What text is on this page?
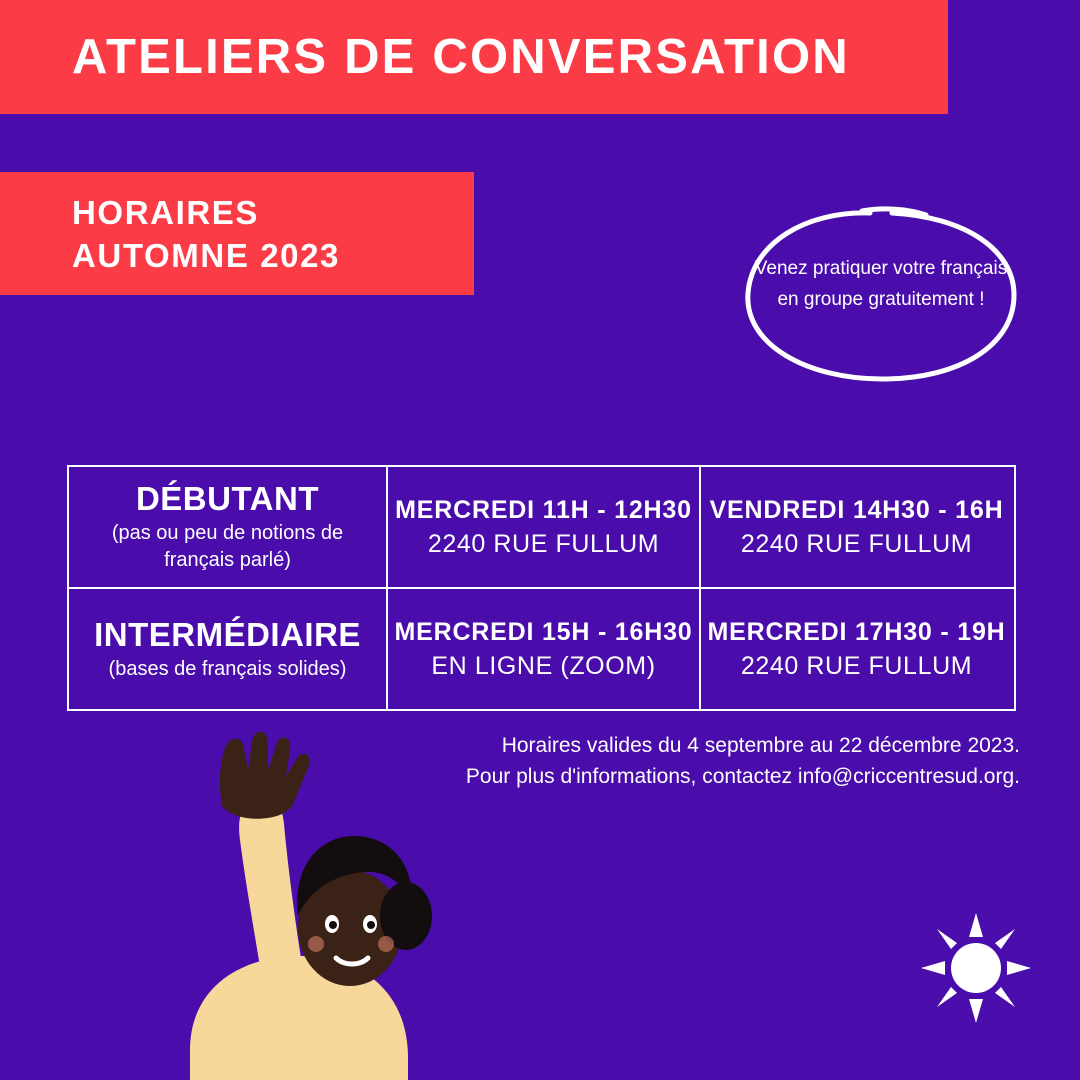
ATELIERS DE CONVERSATION
HORAIRES
AUTOMNE 2023	Venez pratiquer votre français en groupe gratuitement !
DÉBUTANT
(pas ou peu de notions de français parlé)
MERCREDI 11H - 12H30
2240 RUE FULLUM
VENDREDI 14H30 - 16H
2240 RUE FULLUM
INTERMÉDIAIRE
(bases de français solides)
MERCREDI 15H - 16H30
EN LIGNE (ZOOM)
MERCREDI 17H30 - 19H
2240 RUE FULLUM
Horaires valides du 4 septembre au 22 décembre 2023.
Pour plus d'informations, contactez info@criccentresud.org.
